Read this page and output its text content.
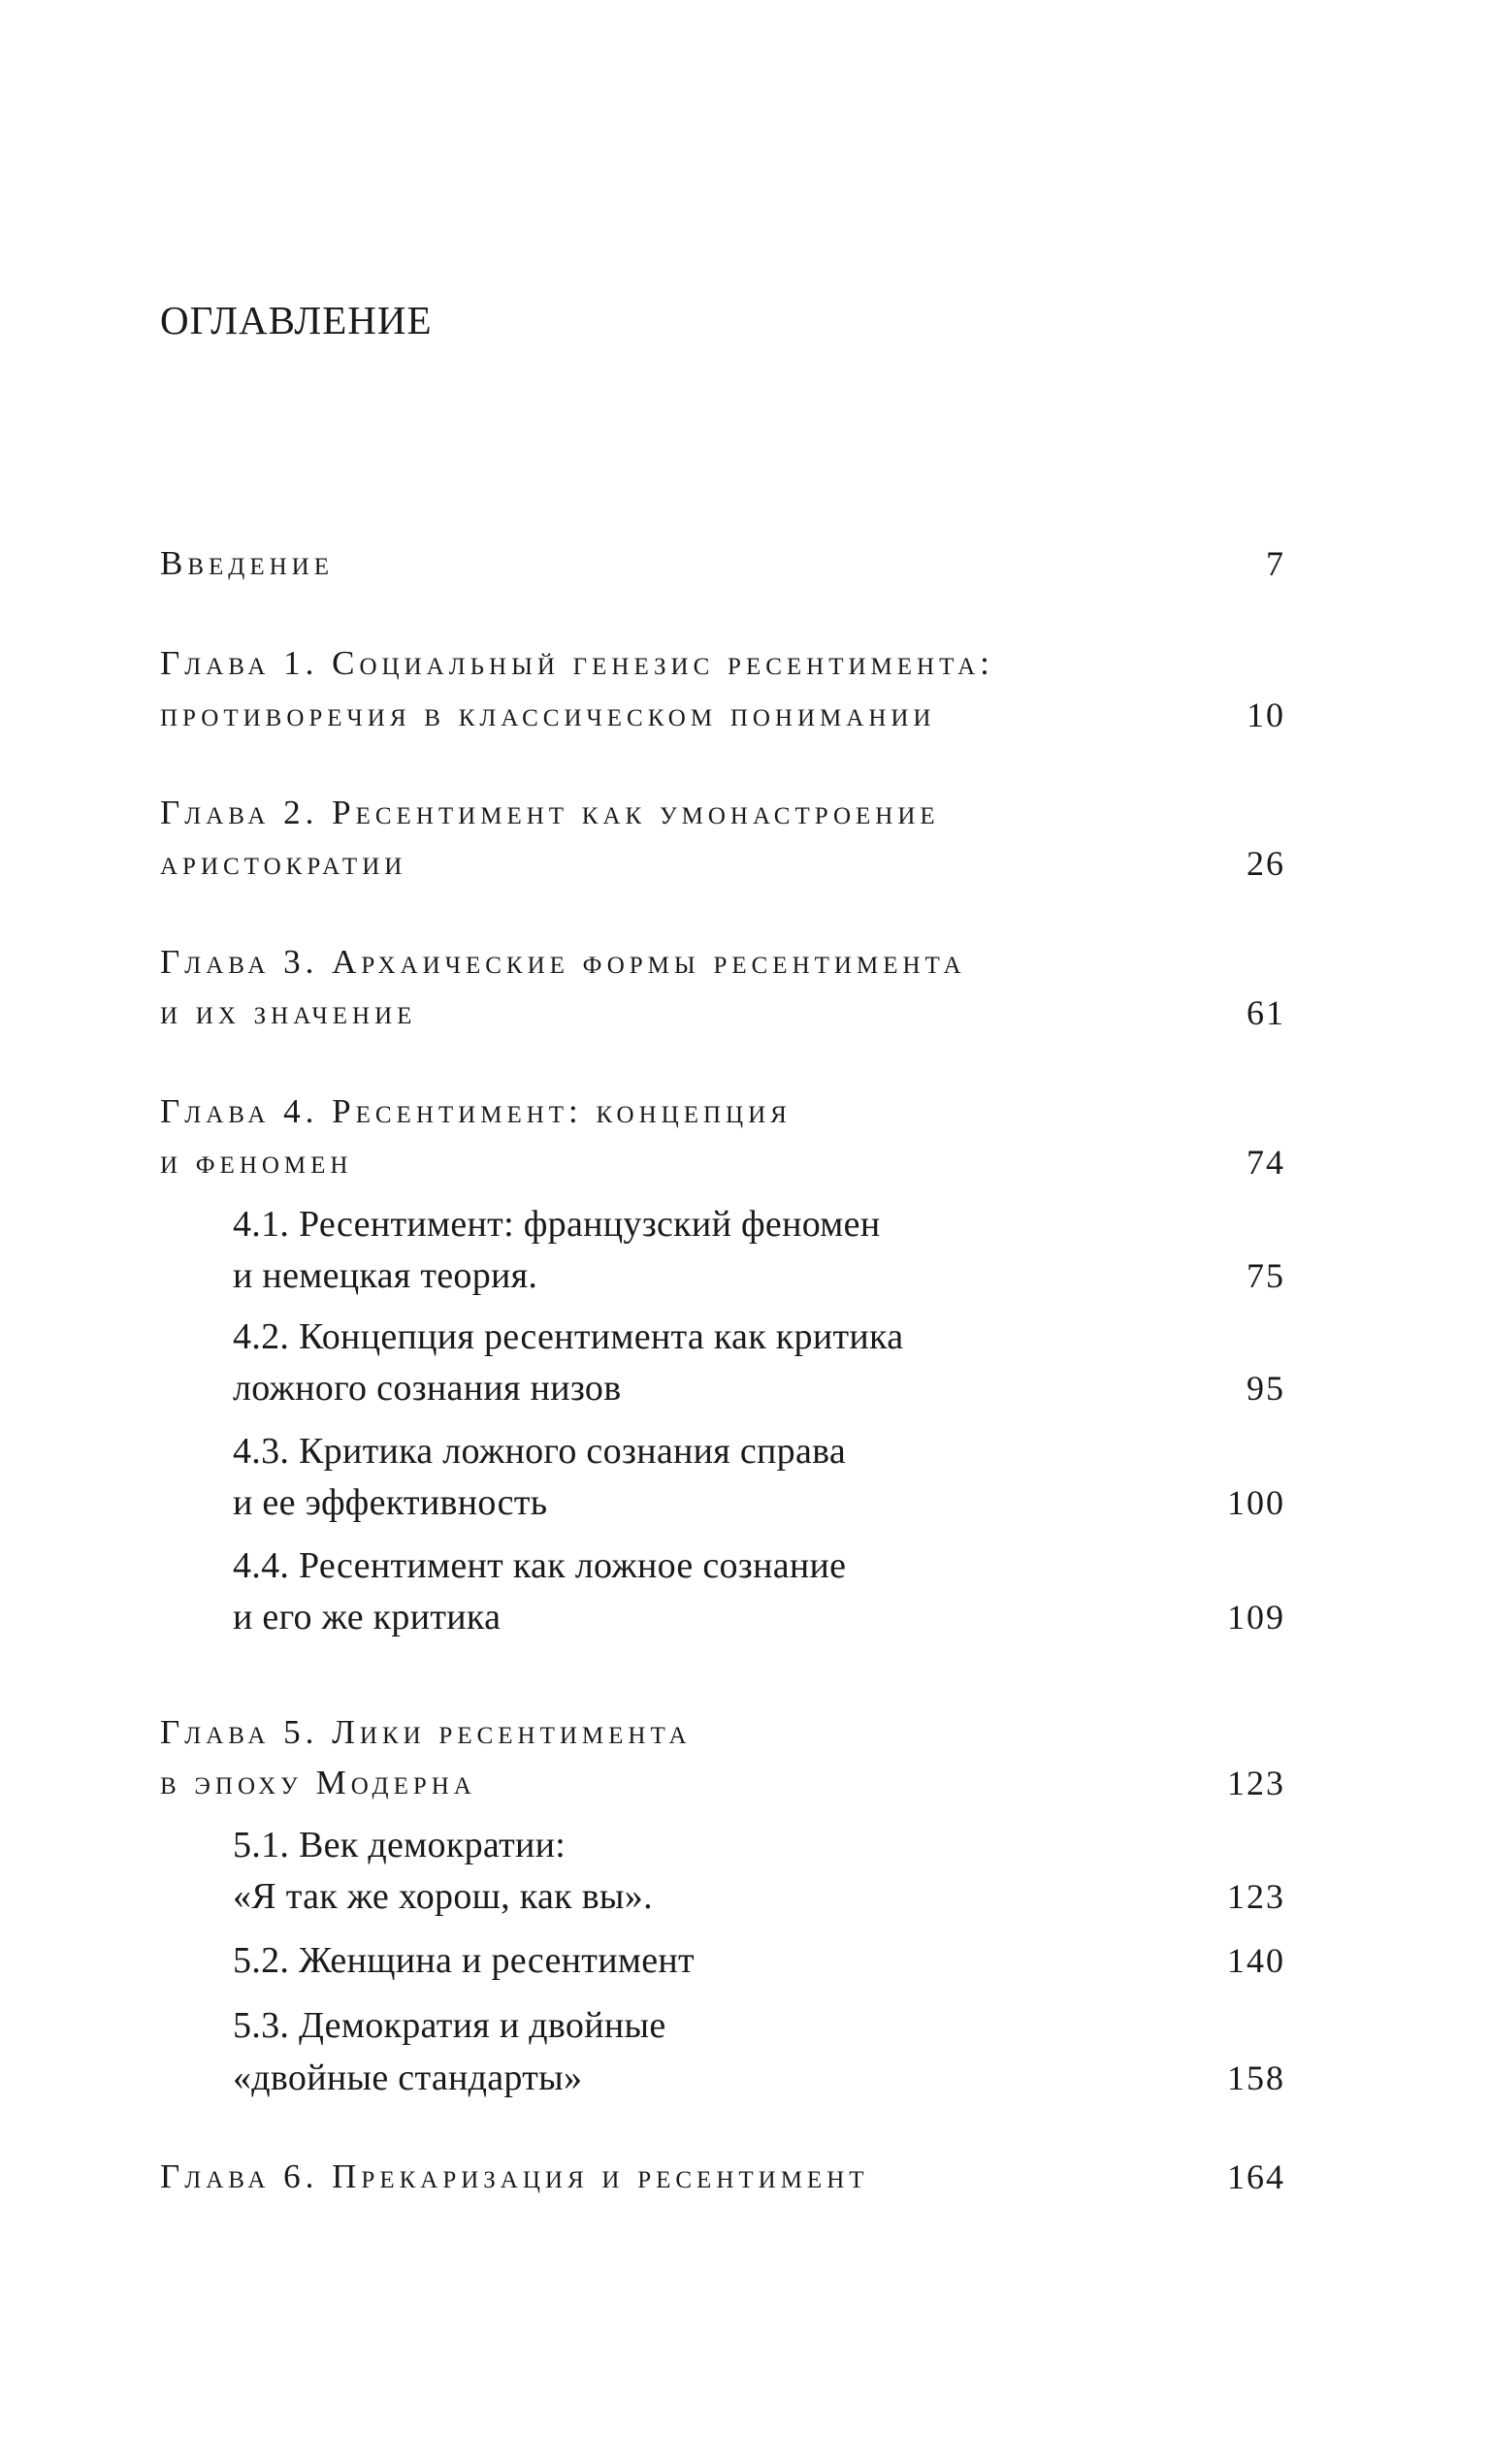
ОГЛАВЛЕНИЕ
Введение	7
Глава 1. Социальный генезис ресентимента:
противоречия в классическом понимании	10
Глава 2. Ресентимент как умонастроение
аристократии	26
Глава 3. Архаические формы ресентимента
и их значение	61
Глава 4. Ресентимент: концепция
и феномен	74
4.1. Ресентимент: французский феномен
и немецкая теория.	75
4.2. Концепция ресентимента как критика
ложного сознания низов	95
4.3. Критика ложного сознания справа
и ее эффективность	100
4.4. Ресентимент как ложное сознание
и его же критика	109
Глава 5. Лики ресентимента
в эпоху Модерна	123
5.1. Век демократии:
«Я так же хорош, как вы».	123
5.2. Женщина и ресентимент	140
5.3. Демократия и двойные
«двойные стандарты»	158
Глава 6. Прекаризация и ресентимент	164
